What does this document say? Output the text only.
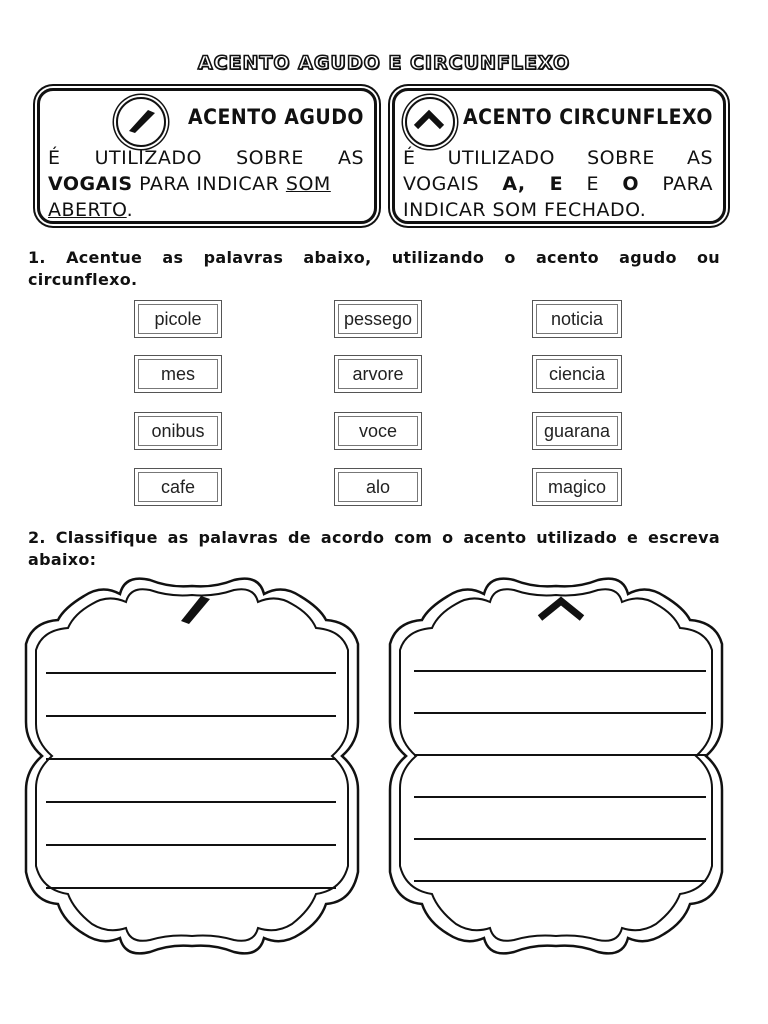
ACENTO AGUDO E CIRCUNFLEXO
ACENTO AGUDO
É UTILIZADO SOBRE AS
VOGAIS PARA INDICAR SOM
ABERTO.
ACENTO CIRCUNFLEXO
É UTILIZADO SOBRE AS
VOGAIS A, E E O PARA
INDICAR SOM FECHADO.
1. Acentue as palavras abaixo, utilizando o acento agudo ou
circunflexo.
picole	pessego	noticia
mes	arvore	ciencia
onibus	voce	guarana
cafe	alo	magico
2. Classifique as palavras de acordo com o acento utilizado e escreva
abaixo:
